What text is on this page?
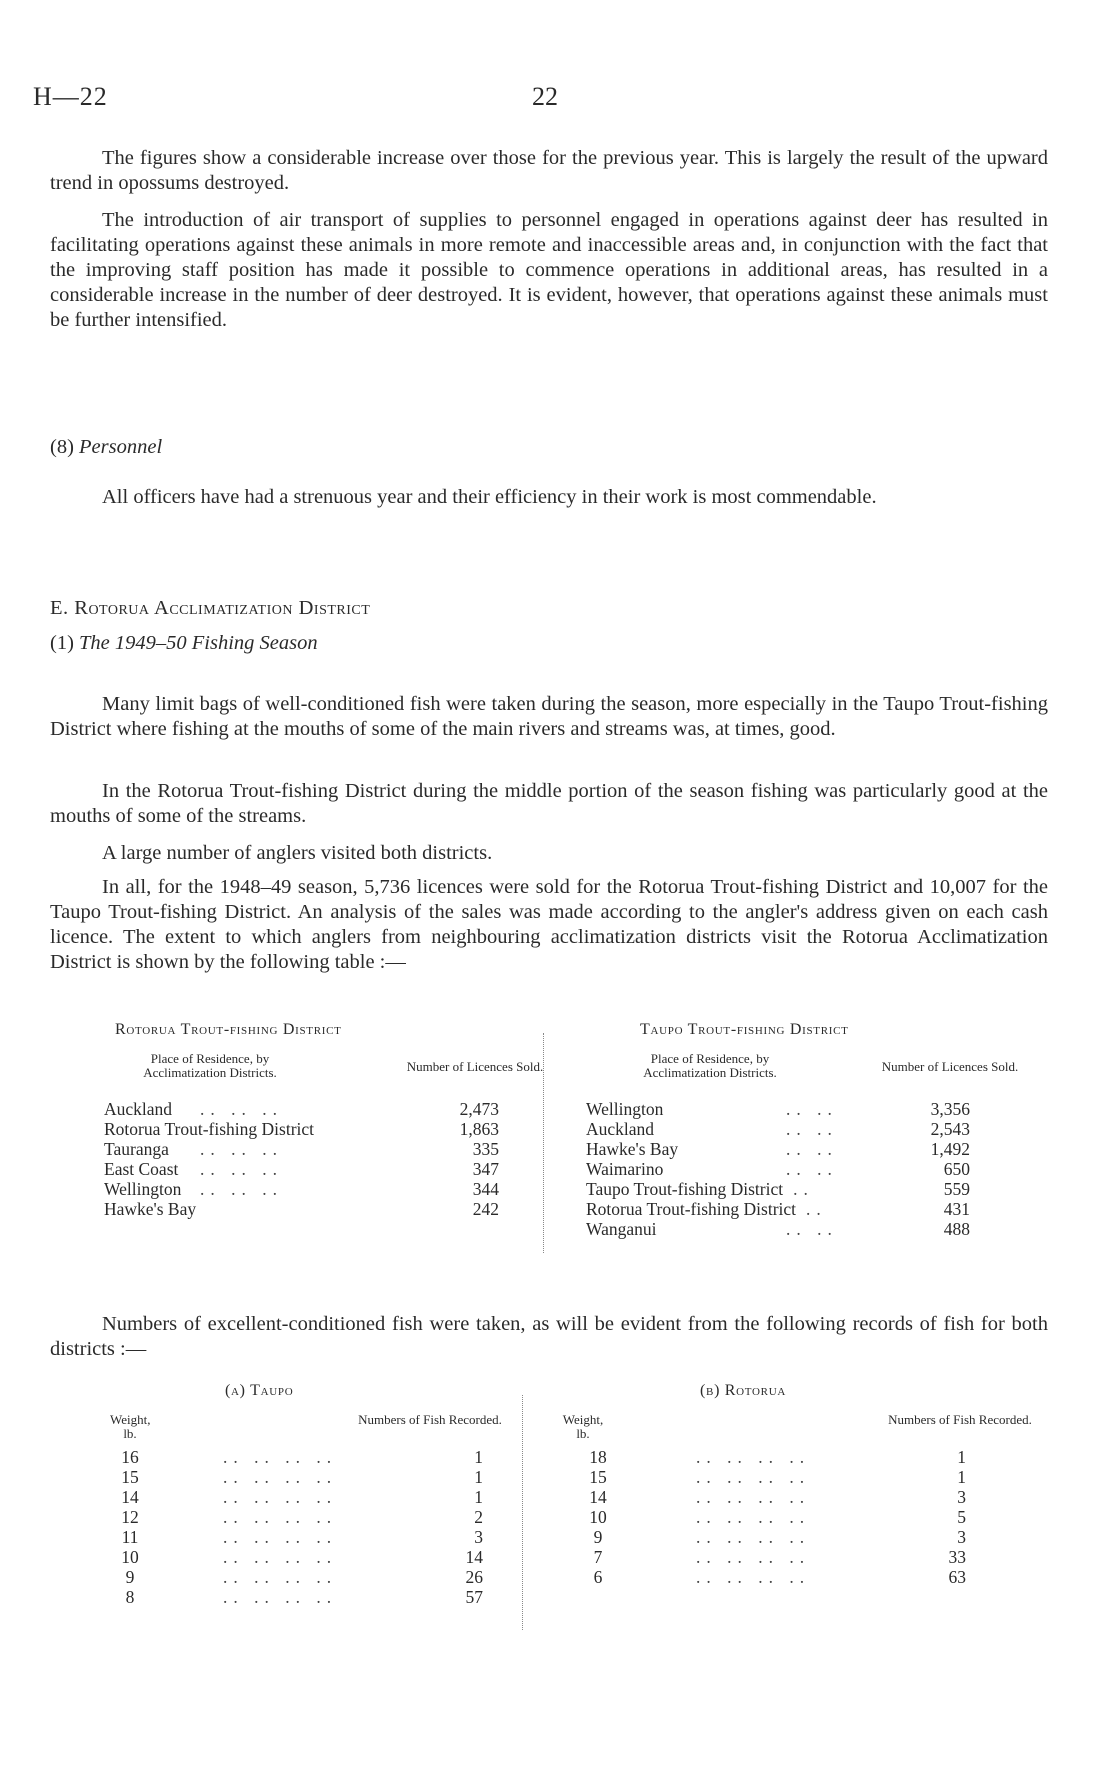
H—22	22

The figures show a considerable increase over those for the previous year. This is largely the result of the upward trend in opossums destroyed.

The introduction of air transport of supplies to personnel engaged in operations against deer has resulted in facilitating operations against these animals in more remote and inaccessible areas and, in conjunction with the fact that the improving staff position has made it possible to commence operations in additional areas, has resulted in a considerable increase in the number of deer destroyed. It is evident, however, that operations against these animals must be further intensified.

(8) Personnel

All officers have had a strenuous year and their efficiency in their work is most commendable.

E. Rotorua Acclimatization District
(1) The 1949–50 Fishing Season

Many limit bags of well-conditioned fish were taken during the season, more especially in the Taupo Trout-fishing District where fishing at the mouths of some of the main rivers and streams was, at times, good.

In the Rotorua Trout-fishing District during the middle portion of the season fishing was particularly good at the mouths of some of the streams.

A large number of anglers visited both districts.

In all, for the 1948–49 season, 5,736 licences were sold for the Rotorua Trout-fishing District and 10,007 for the Taupo Trout-fishing District. An analysis of the sales was made according to the angler's address given on each cash licence. The extent to which anglers from neighbouring acclimatization districts visit the Rotorua Acclimatization District is shown by the following table :—

Rotorua Trout-fishing District
Place of Residence, by Acclimatization Districts.	Number of Licences Sold.
.. .. ..
Auckland	2,473
Rotorua Trout-fishing District	1,863
.. .. ..
Tauranga	335
.. .. ..
East Coast	347
.. .. ..
Wellington	344
Hawke's Bay	242
Taupo Trout-fishing District
Place of Residence, by Acclimatization Districts.	Number of Licences Sold.
.. ..
Wellington	3,356
.. ..
Auckland	2,543
.. ..
Hawke's Bay	1,492
.. ..
Waimarino	650
..
Taupo Trout-fishing District	559
..
Rotorua Trout-fishing District	431
.. ..
Wanganui	488

Numbers of excellent-conditioned fish were taken, as will be evident from the following records of fish for both districts :—

(a) Taupo
Weight, lb.
Numbers of Fish Recorded.
.. .. .. ..
16	1
.. .. .. ..
15	1
.. .. .. ..
14	1
.. .. .. ..
12	2
.. .. .. ..
11	3
.. .. .. ..
10	14
.. .. .. ..
9	26
.. .. .. ..
8	57
(b) Rotorua
Weight, lb.
Numbers of Fish Recorded.
.. .. .. ..
18	1
.. .. .. ..
15	1
.. .. .. ..
14	3
.. .. .. ..
10	5
.. .. .. ..
9	3
.. .. .. ..
7	33
.. .. .. ..
6	63
